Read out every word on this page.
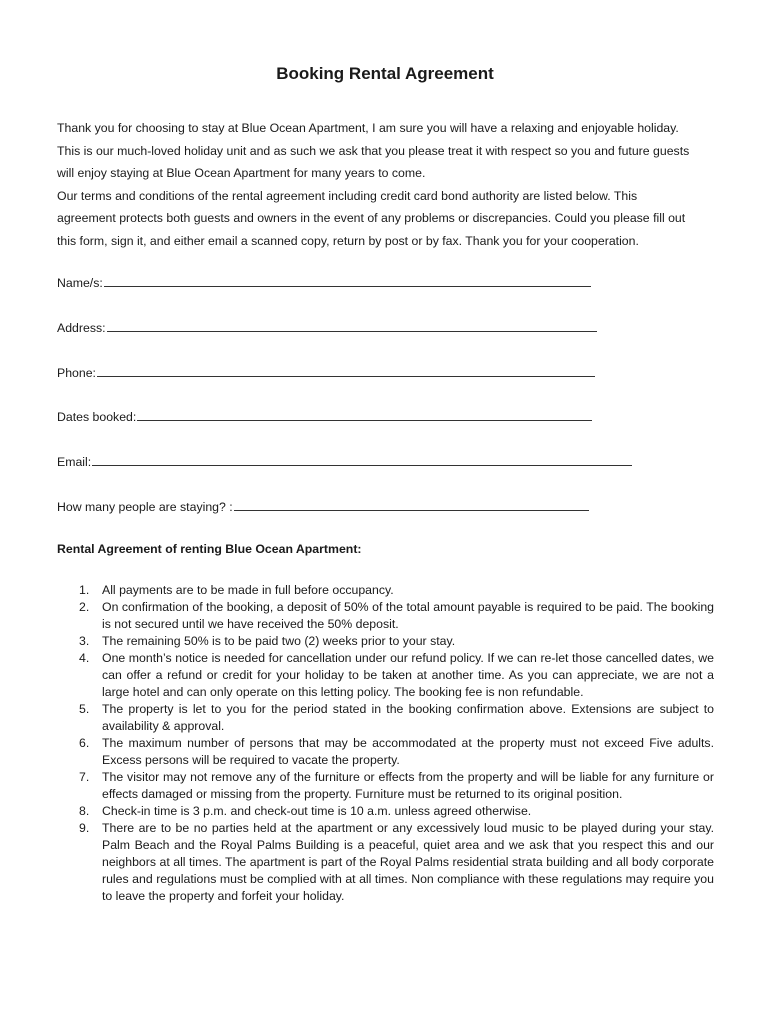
Booking Rental Agreement

Thank you for choosing to stay at Blue Ocean Apartment, I am sure you will have a relaxing and enjoyable holiday.

This is our much-loved holiday unit and as such we ask that you please treat it with respect so you and future guests

will enjoy staying at Blue Ocean Apartment for many years to come.

Our terms and conditions of the rental agreement including credit card bond authority are listed below. This

agreement protects both guests and owners in the event of any problems or discrepancies. Could you please fill out

this form, sign it, and either email a scanned copy, return by post or by fax. Thank you for your cooperation.

Name/s:
Address:
Phone:
Dates booked:
Email:
How many people are staying? :

Rental Agreement of renting Blue Ocean Apartment:

1. All payments are to be made in full before occupancy.
2. On confirmation of the booking, a deposit of 50% of the total amount payable is required to be paid. The booking is not secured until we have received the 50% deposit.
3. The remaining 50% is to be paid two (2) weeks prior to your stay.
4. One month’s notice is needed for cancellation under our refund policy. If we can re-let those cancelled dates, we can offer a refund or credit for your holiday to be taken at another time. As you can appreciate, we are not a large hotel and can only operate on this letting policy. The booking fee is non refundable.
5. The property is let to you for the period stated in the booking confirmation above. Extensions are subject to availability & approval.
6. The maximum number of persons that may be accommodated at the property must not exceed Five adults. Excess persons will be required to vacate the property.
7. The visitor may not remove any of the furniture or effects from the property and will be liable for any furniture or effects damaged or missing from the property. Furniture must be returned to its original position.
8. Check-in time is 3 p.m. and check-out time is 10 a.m. unless agreed otherwise.
9. There are to be no parties held at the apartment or any excessively loud music to be played during your stay. Palm Beach and the Royal Palms Building is a peaceful, quiet area and we ask that you respect this and our neighbors at all times. The apartment is part of the Royal Palms residential strata building and all body corporate rules and regulations must be complied with at all times. Non compliance with these regulations may require you to leave the property and forfeit your holiday.
